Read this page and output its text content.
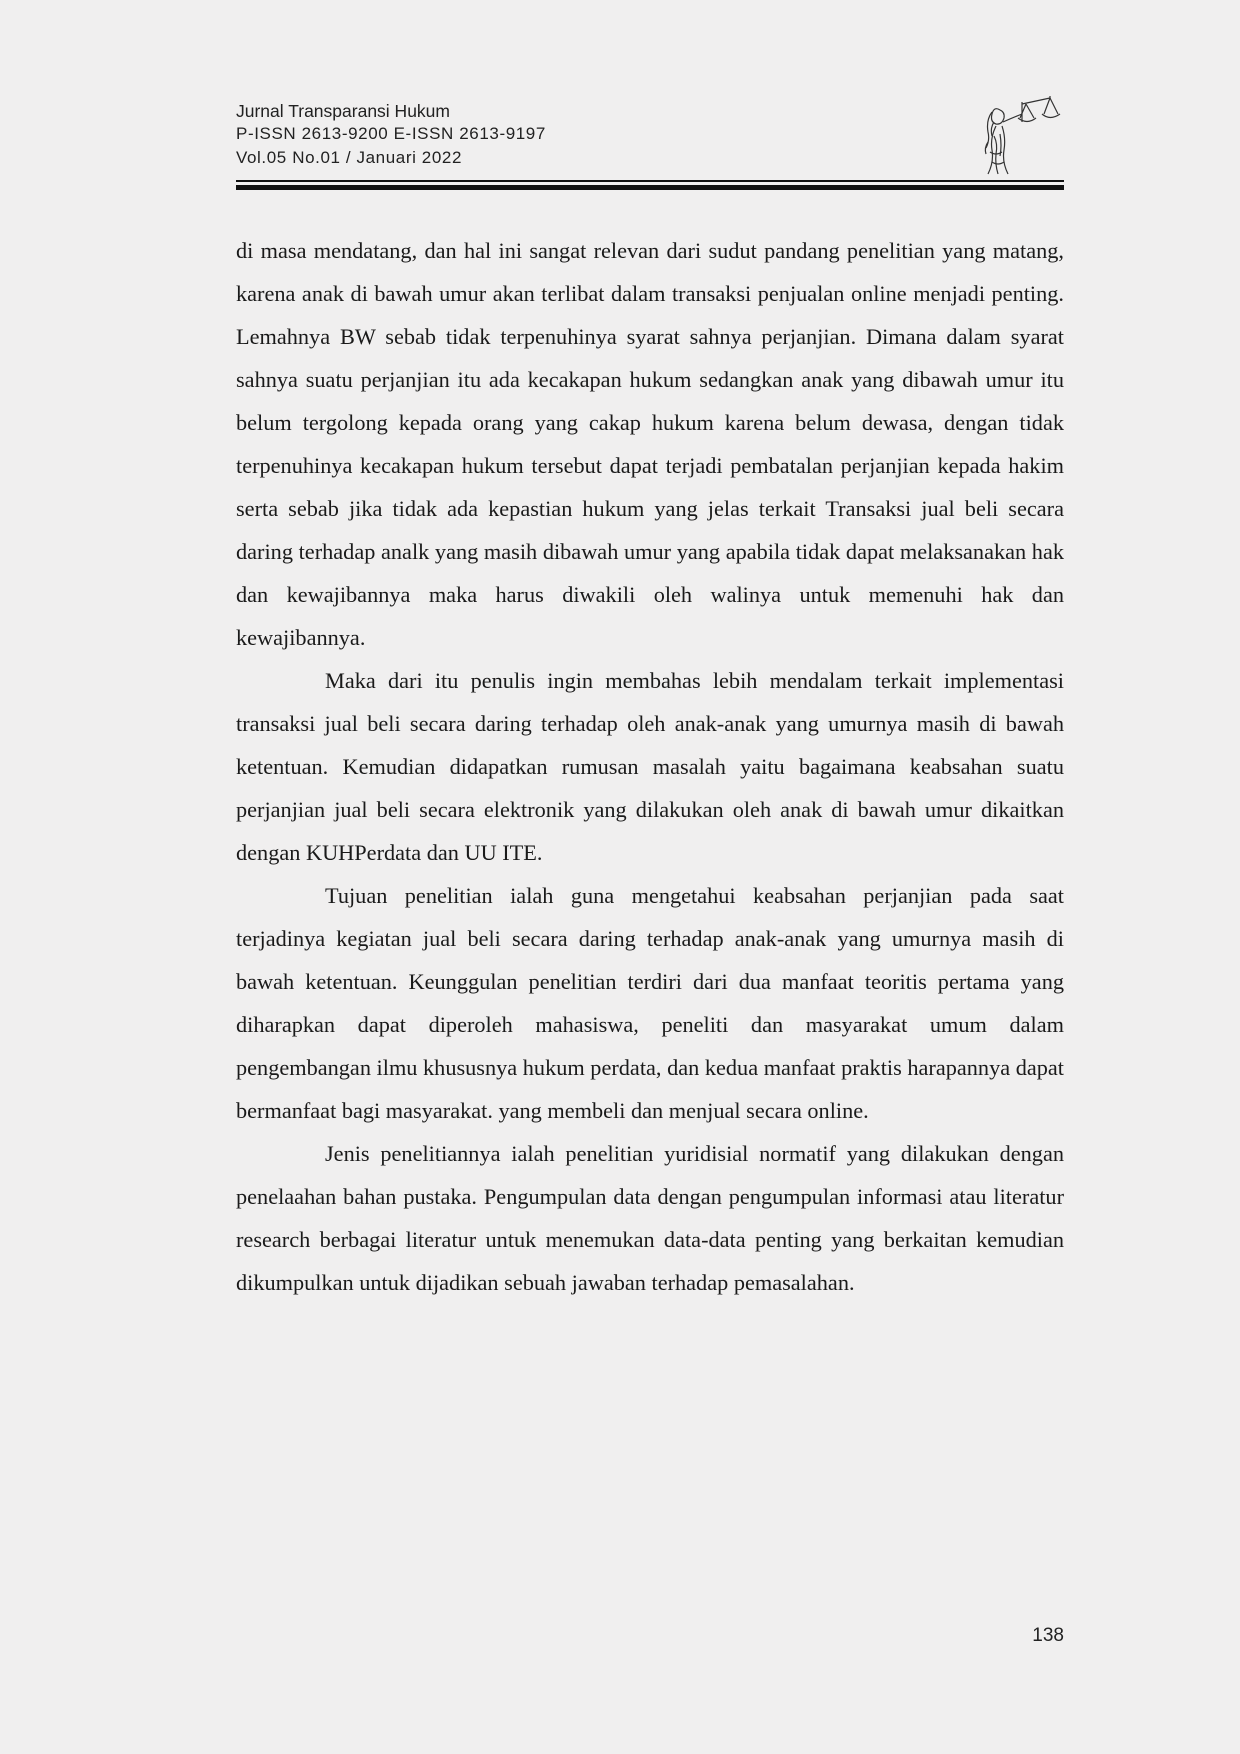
Jurnal Transparansi Hukum
P-ISSN 2613-9200 E-ISSN 2613-9197
Vol.05 No.01 / Januari 2022

di masa mendatang, dan hal ini sangat relevan dari sudut pandang penelitian yang matang, karena anak di bawah umur akan terlibat dalam transaksi penjualan online menjadi penting. Lemahnya BW sebab tidak terpenuhinya syarat sahnya perjanjian. Dimana dalam syarat sahnya suatu perjanjian itu ada kecakapan hukum sedangkan anak yang dibawah umur itu belum tergolong kepada orang yang cakap hukum karena belum dewasa, dengan tidak terpenuhinya kecakapan hukum tersebut dapat terjadi pembatalan perjanjian kepada hakim serta sebab jika tidak ada kepastian hukum yang jelas terkait Transaksi jual beli secara daring terhadap analk yang masih dibawah umur yang apabila tidak dapat melaksanakan hak dan kewajibannya maka harus diwakili oleh walinya untuk memenuhi hak dan kewajibannya.

Maka dari itu penulis ingin membahas lebih mendalam terkait implementasi transaksi jual beli secara daring terhadap oleh anak-anak yang umurnya masih di bawah ketentuan. Kemudian didapatkan rumusan masalah yaitu bagaimana keabsahan suatu perjanjian jual beli secara elektronik yang dilakukan oleh anak di bawah umur dikaitkan dengan KUHPerdata dan UU ITE.

Tujuan penelitian ialah guna mengetahui keabsahan perjanjian pada saat terjadinya kegiatan jual beli secara daring terhadap anak-anak yang umurnya masih di bawah ketentuan. Keunggulan penelitian terdiri dari dua manfaat teoritis pertama yang diharapkan dapat diperoleh mahasiswa, peneliti dan masyarakat umum dalam pengembangan ilmu khususnya hukum perdata, dan kedua manfaat praktis harapannya dapat bermanfaat bagi masyarakat. yang membeli dan menjual secara online.

Jenis penelitiannya ialah penelitian yuridisial normatif yang dilakukan dengan penelaahan bahan pustaka. Pengumpulan data dengan pengumpulan informasi atau literatur research berbagai literatur untuk menemukan data-data penting yang berkaitan kemudian dikumpulkan untuk dijadikan sebuah jawaban terhadap pemasalahan.

138
